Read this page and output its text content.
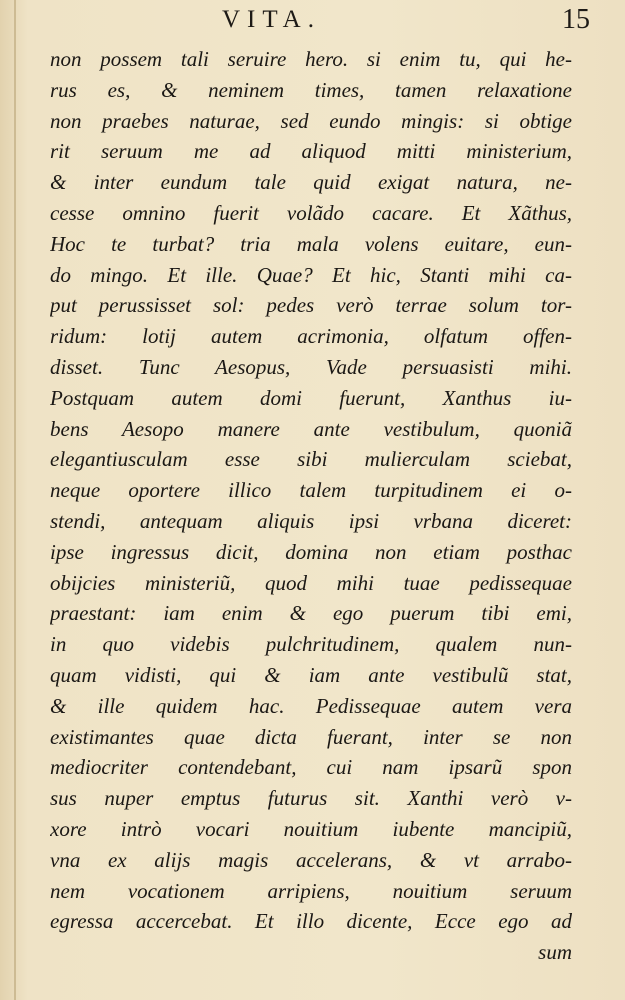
VITA.	15
non possem tali seruire hero. si enim tu, qui he-
rus es, & neminem times, tamen relaxatione
non praebes naturae, sed eundo mingis: si obtige
rit seruum me ad aliquod mitti ministerium,
& inter eundum tale quid exigat natura, ne-
cesse omnino fuerit volãdo cacare. Et Xãthus,
Hoc te turbat? tria mala volens euitare, eun-
do mingo. Et ille. Quae? Et hic, Stanti mihi ca-
put perussisset sol: pedes verò terrae solum tor-
ridum: lotij autem acrimonia, olfatum offen-
disset. Tunc Aesopus, Vade persuasisti mihi.
Postquam autem domi fuerunt, Xanthus iu-
bens Aesopo manere ante vestibulum, quoniã
elegantiusculam esse sibi mulierculam sciebat,
neque oportere illico talem turpitudinem ei o-
stendi, antequam aliquis ipsi vrbana diceret:
ipse ingressus dicit, domina non etiam posthac
obijcies ministeriũ, quod mihi tuae pedissequae
praestant: iam enim & ego puerum tibi emi,
in quo videbis pulchritudinem, qualem nun-
quam vidisti, qui & iam ante vestibulũ stat,
& ille quidem hac. Pedissequae autem vera
existimantes quae dicta fuerant, inter se non
mediocriter contendebant, cui nam ipsarũ spon
sus nuper emptus futurus sit. Xanthi verò v-
xore intrò vocari nouitium iubente mancipiũ,
vna ex alijs magis accelerans, & vt arrabo-
nem vocationem arripiens, nouitium seruum
egressa accercebat. Et illo dicente, Ecce ego ad
sum
